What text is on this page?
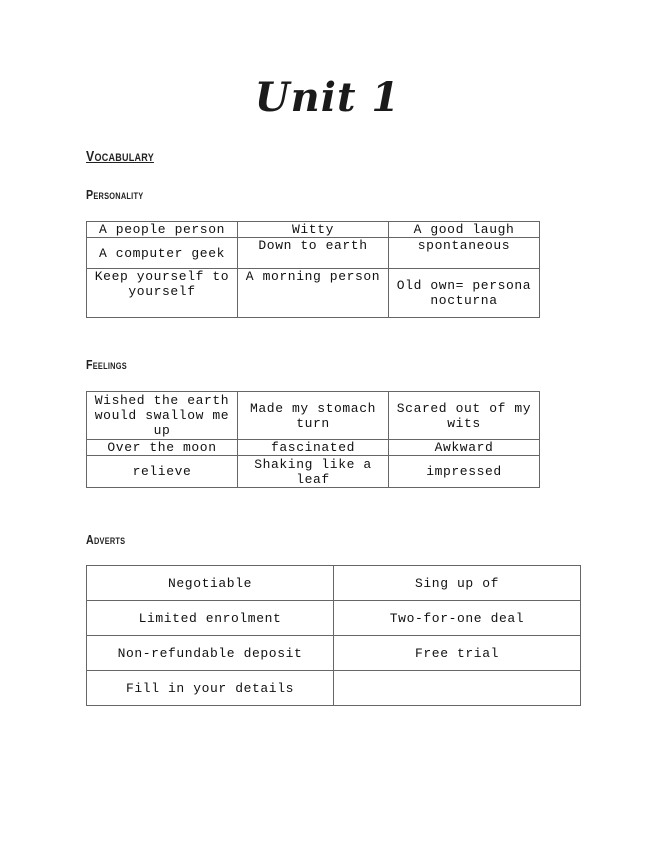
Unit 1
Vocabulary
Personality
A people person	Witty	A good laugh
A computer geek	Down to earth	spontaneous
Keep yourself to yourself	A morning person	Old own= persona nocturna
Feelings
Wished the earth would swallow me up	Made my stomach turn	Scared out of my wits
Over the moon	fascinated	Awkward
relieve	Shaking like a leaf	impressed
Adverts
Negotiable	Sing up of
Limited enrolment	Two-for-one deal
Non-refundable deposit	Free trial
Fill in your details	
